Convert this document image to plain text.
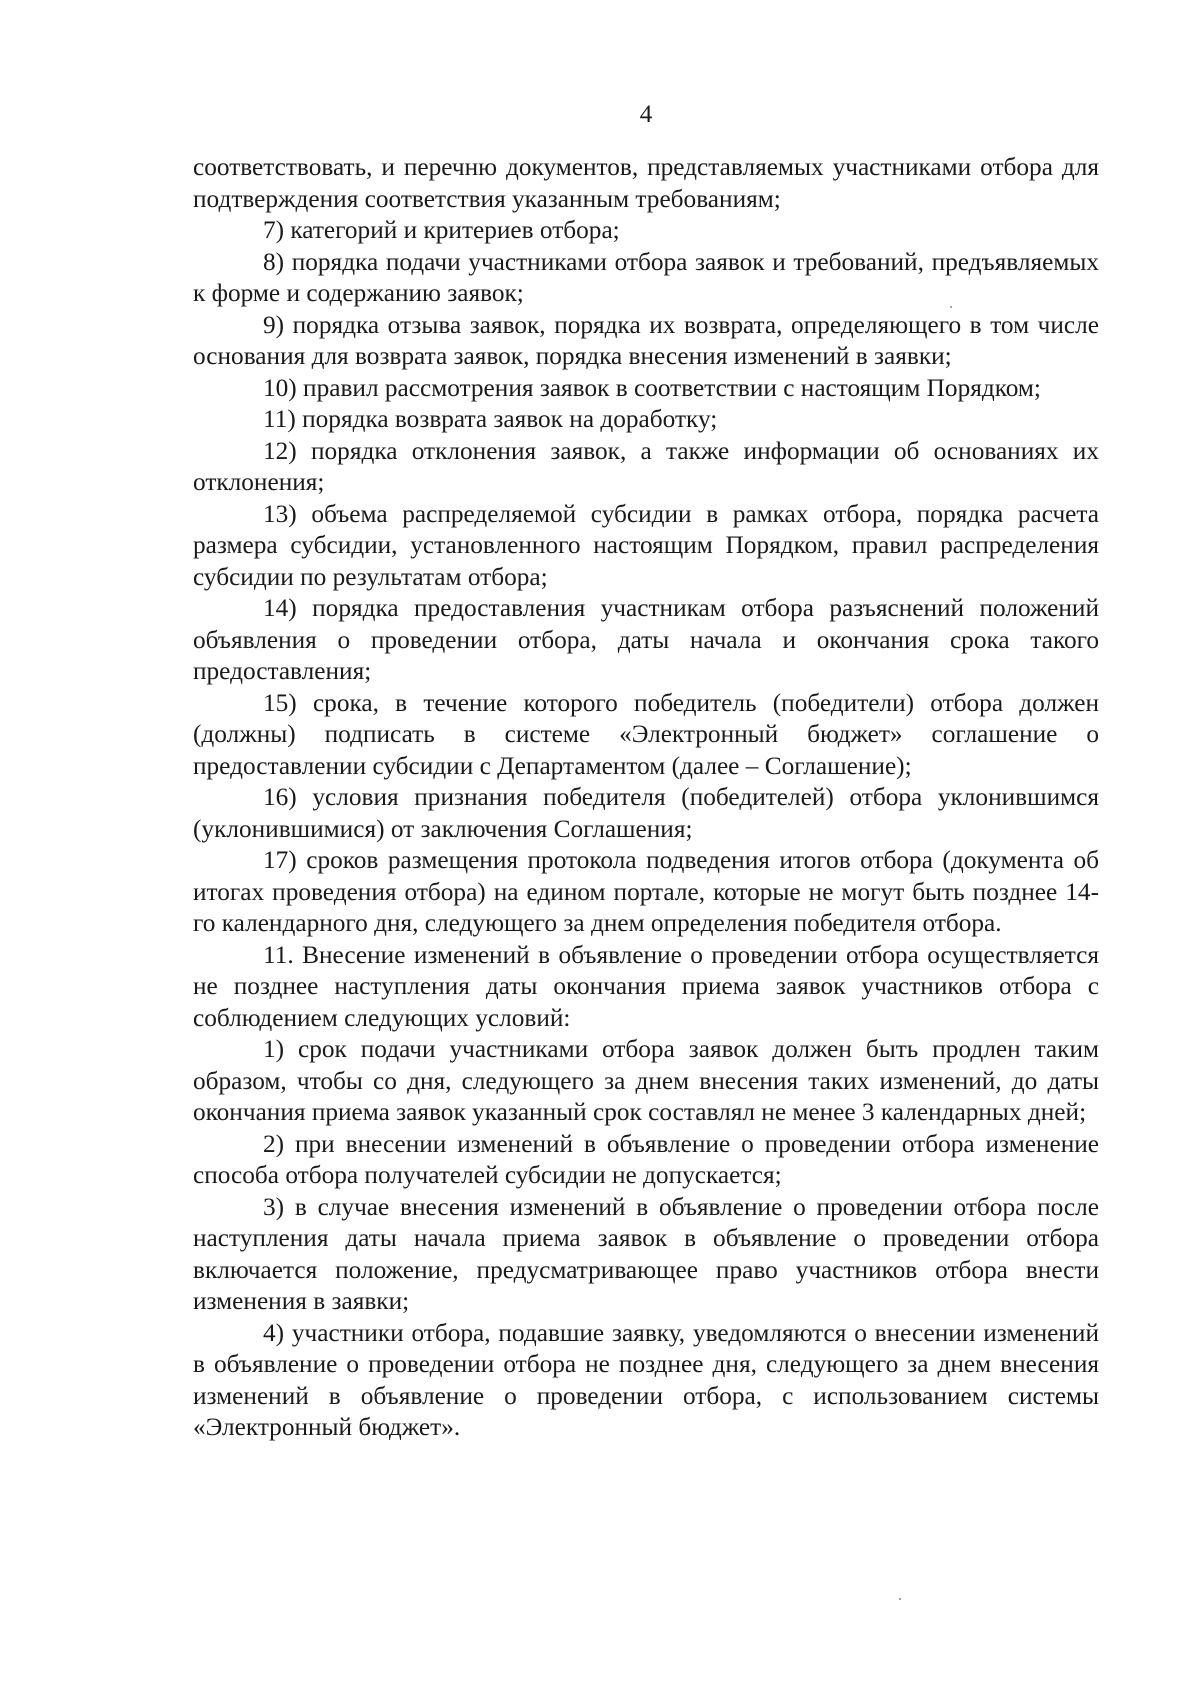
4

соответствовать, и перечню документов, представляемых участниками отбора для подтверждения соответствия указанным требованиям;

7) категорий и критериев отбора;

8) порядка подачи участниками отбора заявок и требований, предъявляемых к форме и содержанию заявок;

9) порядка отзыва заявок, порядка их возврата, определяющего в том числе основания для возврата заявок, порядка внесения изменений в заявки;

10) правил рассмотрения заявок в соответствии с настоящим Порядком;

11) порядка возврата заявок на доработку;

12) порядка отклонения заявок, а также информации об основаниях их отклонения;

13) объема распределяемой субсидии в рамках отбора, порядка расчета размера субсидии, установленного настоящим Порядком, правил распределения субсидии по результатам отбора;

14) порядка предоставления участникам отбора разъяснений положений объявления о проведении отбора, даты начала и окончания срока такого предоставления;

15) срока, в течение которого победитель (победители) отбора должен (должны) подписать в системе «Электронный бюджет» соглашение о предоставлении субсидии с Департаментом (далее – Соглашение);

16) условия признания победителя (победителей) отбора уклонившимся (уклонившимися) от заключения Соглашения;

17) сроков размещения протокола подведения итогов отбора (документа об итогах проведения отбора) на едином портале, которые не могут быть позднее 14-го календарного дня, следующего за днем определения победителя отбора.

11. Внесение изменений в объявление о проведении отбора осуществляется не позднее наступления даты окончания приема заявок участников отбора с соблюдением следующих условий:

1) срок подачи участниками отбора заявок должен быть продлен таким образом, чтобы со дня, следующего за днем внесения таких изменений, до даты окончания приема заявок указанный срок составлял не менее 3 календарных дней;

2) при внесении изменений в объявление о проведении отбора изменение способа отбора получателей субсидии не допускается;

3) в случае внесения изменений в объявление о проведении отбора после наступления даты начала приема заявок в объявление о проведении отбора включается положение, предусматривающее право участников отбора внести изменения в заявки;

4) участники отбора, подавшие заявку, уведомляются о внесении изменений в объявление о проведении отбора не позднее дня, следующего за днем внесения изменений в объявление о проведении отбора, с использованием системы «Электронный бюджет».
